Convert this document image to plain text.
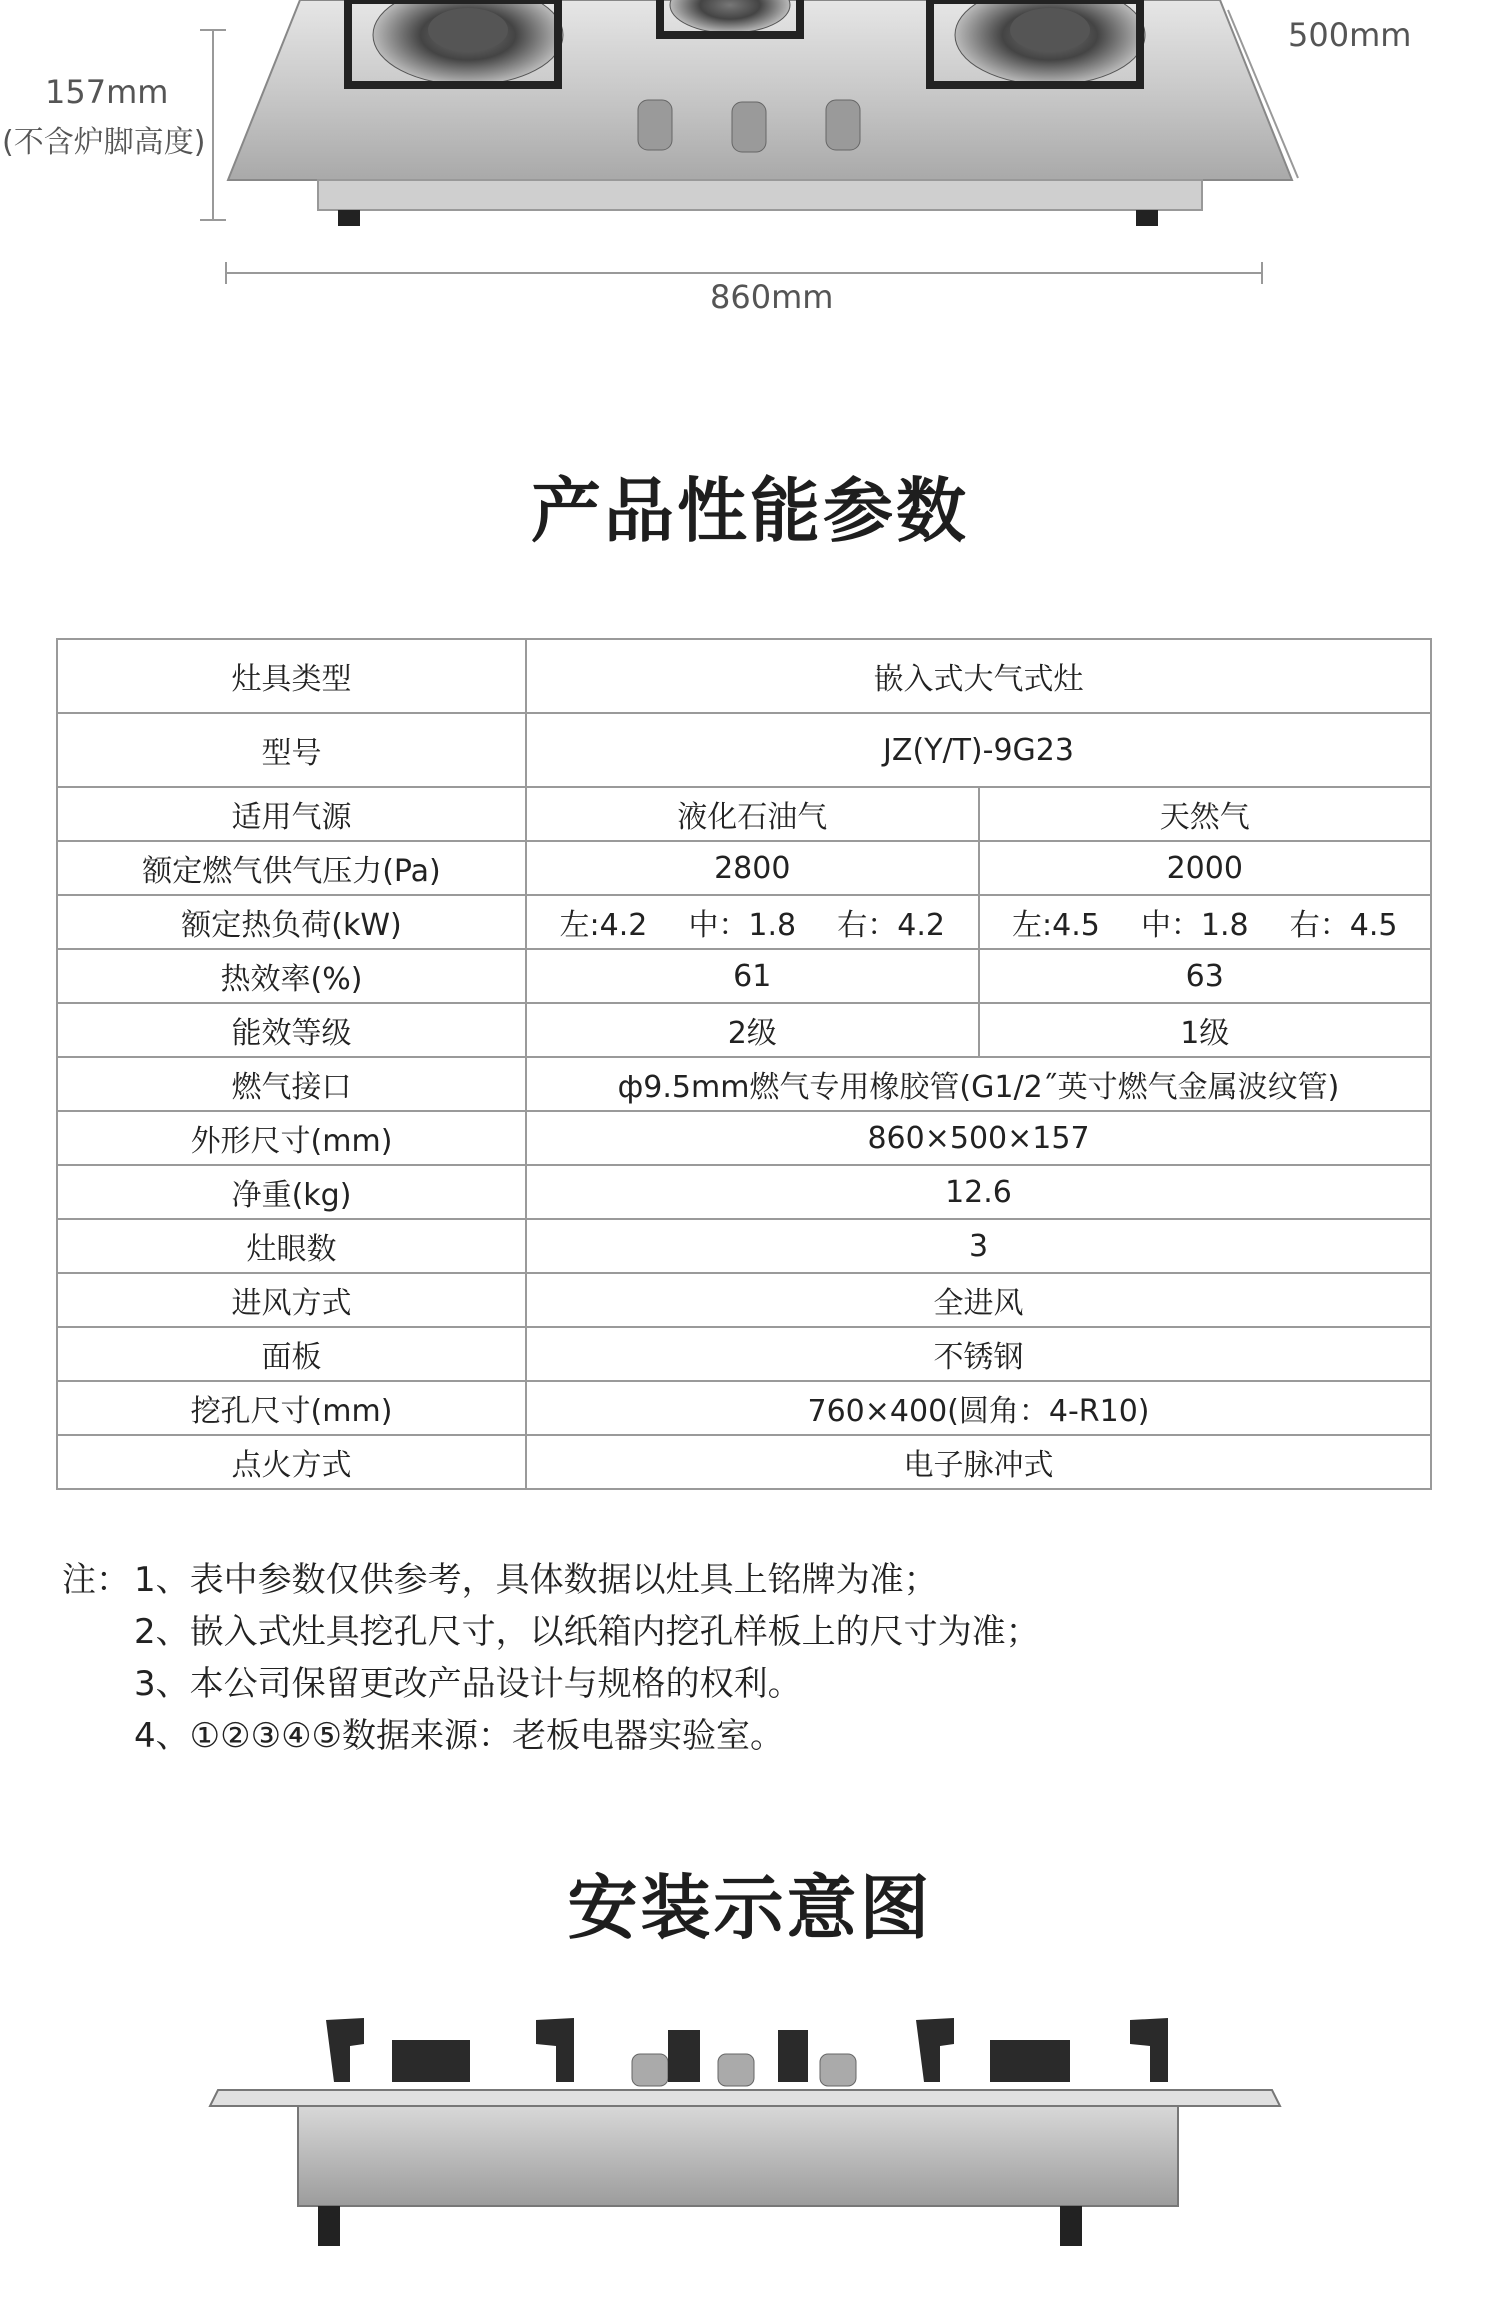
157mm
(不含炉脚高度)
500mm
860mm
产品性能参数
灶具类型	嵌入式大气式灶	
型号	JZ(Y/T)-9G23	
适用气源	液化石油气	天然气
额定燃气供气压力(Pa)	2800	2000
额定热负荷(kW)	左:4.2 中：1.8 右：4.2	左:4.5 中：1.8 右：4.5

热效率(%)	61	63
能效等级	2级	1级
燃气接口	ф9.5mm燃气专用橡胶管(G1/2˝英寸燃气金属波纹管)	
外形尺寸(mm)	860×500×157	
净重(kg)	12.6	
灶眼数	3	
进风方式	全进风	
面板	不锈钢	
挖孔尺寸(mm)	760×400(圆角：4-R10)	
点火方式	电子脉冲式	
注： 1、表中参数仅供参考，具体数据以灶具上铭牌为准；
2、嵌入式灶具挖孔尺寸，以纸箱内挖孔样板上的尺寸为准；
3、本公司保留更改产品设计与规格的权利。
4、①②③④⑤数据来源：老板电器实验室。
安装示意图
